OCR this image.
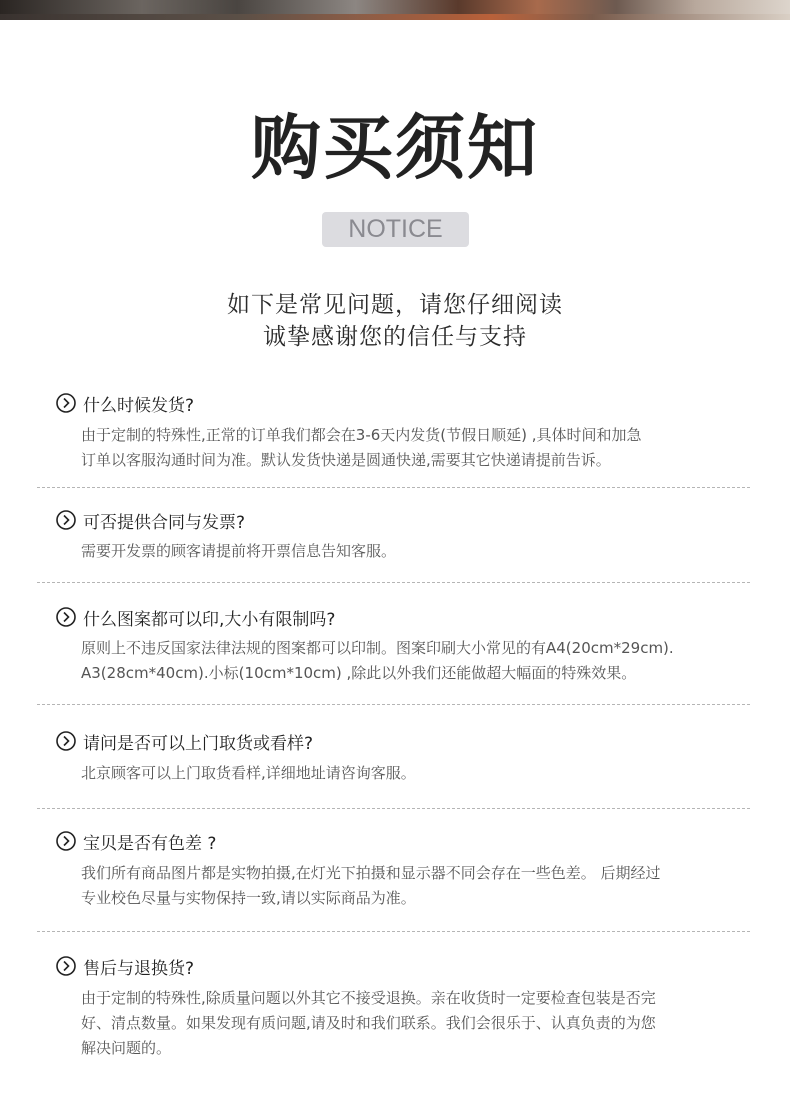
购买须知
NOTICE
如下是常见问题，请您仔细阅读
诚挚感谢您的信任与支持
什么时候发货?
由于定制的特殊性,正常的订单我们都会在3-6天内发货(节假日顺延) ,具体时间和加急
订单以客服沟通时间为准。默认发货快递是圆通快递,需要其它快递请提前告诉。
可否提供合同与发票?
需要开发票的顾客请提前将开票信息告知客服。
什么图案都可以印,大小有限制吗?
原则上不违反国家法律法规的图案都可以印制。图案印刷大小常见的有A4(20cm*29cm).
A3(28cm*40cm).小标(10cm*10cm) ,除此以外我们还能做超大幅面的特殊效果。
请问是否可以上门取货或看样?
北京顾客可以上门取货看样,详细地址请咨询客服。
宝贝是否有色差 ?
我们所有商品图片都是实物拍摄,在灯光下拍摄和显示器不同会存在一些色差。 后期经过
专业校色尽量与实物保持一致,请以实际商品为准。
售后与退换货?
由于定制的特殊性,除质量问题以外其它不接受退换。亲在收货时一定要检查包装是否完
好、清点数量。如果发现有质问题,请及时和我们联系。我们会很乐于、认真负责的为您
解决问题的。
